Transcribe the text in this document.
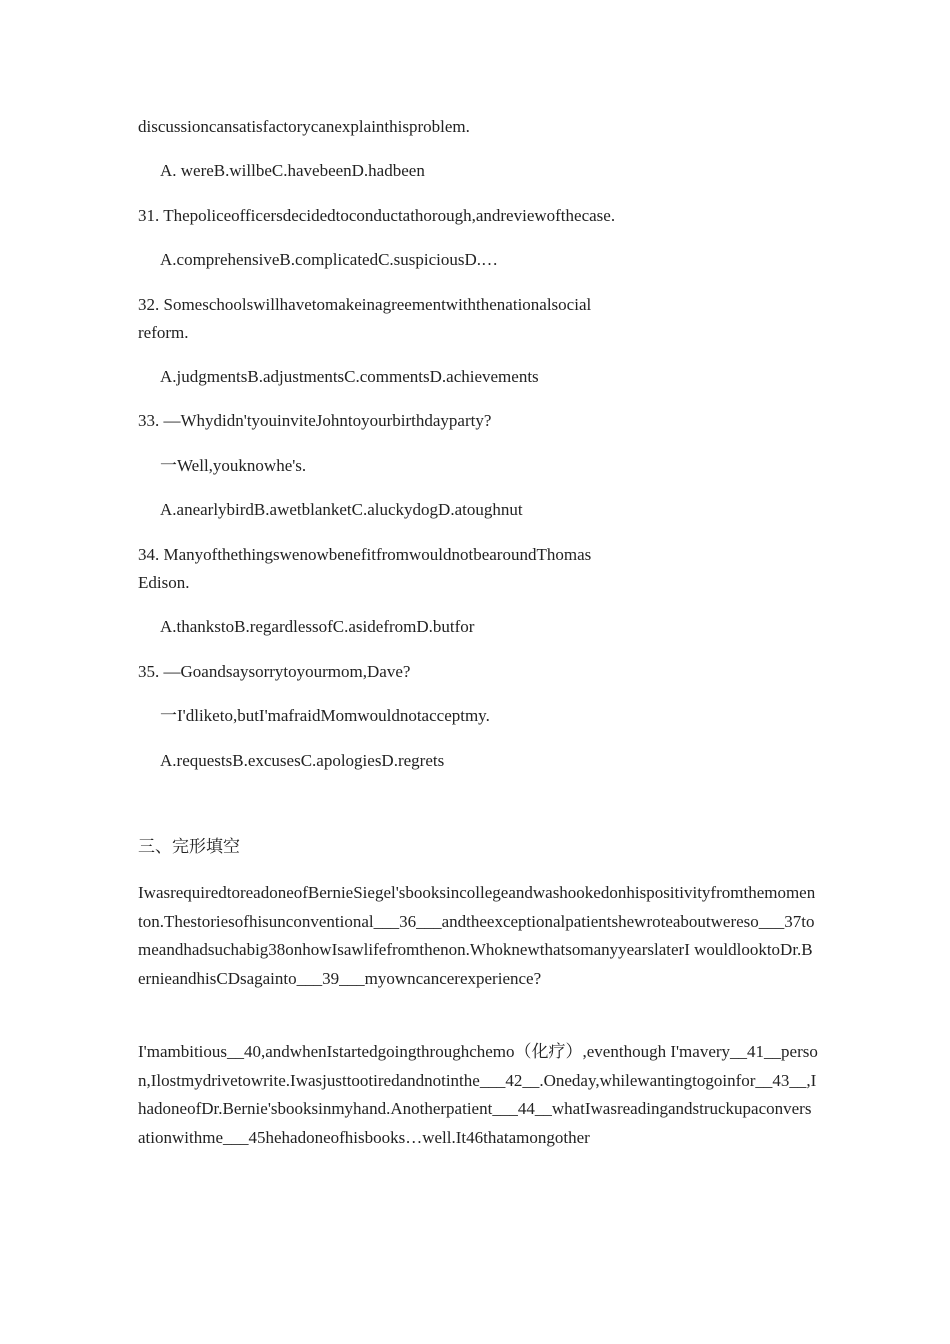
discussioncansatisfactorycanexplainthisproblem.
A. wereB.willbeC.havebeenD.hadbeen
31. Thepoliceofficersdecidedtoconductathorough,andreviewofthecase.
A.comprehensiveB.complicatedC.suspiciousD.…
32. Someschoolswillhavetomakeinagreementwiththenationalsocial
reform.
A.judgmentsB.adjustmentsC.commentsD.achievements
33. —Whydidn'tyouinviteJohntoyourbirthdayparty?
一Well,youknowhe's.
A.anearlybirdB.awetblanketC.aluckydogD.atoughnut
34. ManyofthethingswenowbenefitfromwouldnotbearoundThomas
Edison.
A.thankstoB.regardlessofC.asidefromD.butfor
35. —Goandsaysorrytoyourmom,Dave?
一I'dliketo,butI'mafraidMomwouldnotacceptmy.
A.requestsB.excusesC.apologiesD.regrets
三、完形填空
IwasrequiredtoreadoneofBernieSiegel'sbooksincollegeandwashookedonhispositivityfromthemomenton.Thestoriesofhisunconventional___36___andtheexceptionalpatientshewroteaboutwereso___37tomeandhadsuchabig38onhowIsawlifefromthenon.WhoknewthatsomanyyearslaterI wouldlooktoDr.BernieandhisCDsagainto___39___myowncancerexperience?
I'mambitious__40,andwhenIstartedgoingthroughchemo（化疗）,eventhough I'mavery__41__person,Ilostmydrivetowrite.Iwasjusttootiredandnotinthe___42__.Oneday,whilewantingtogoinfor__43__,IhadoneofDr.Bernie'sbooksinmyhand.Anotherpatient___44__whatIwasreadingandstruckupaconversationwithme___45hehadoneofhisbooks…well.It46thatamongother
